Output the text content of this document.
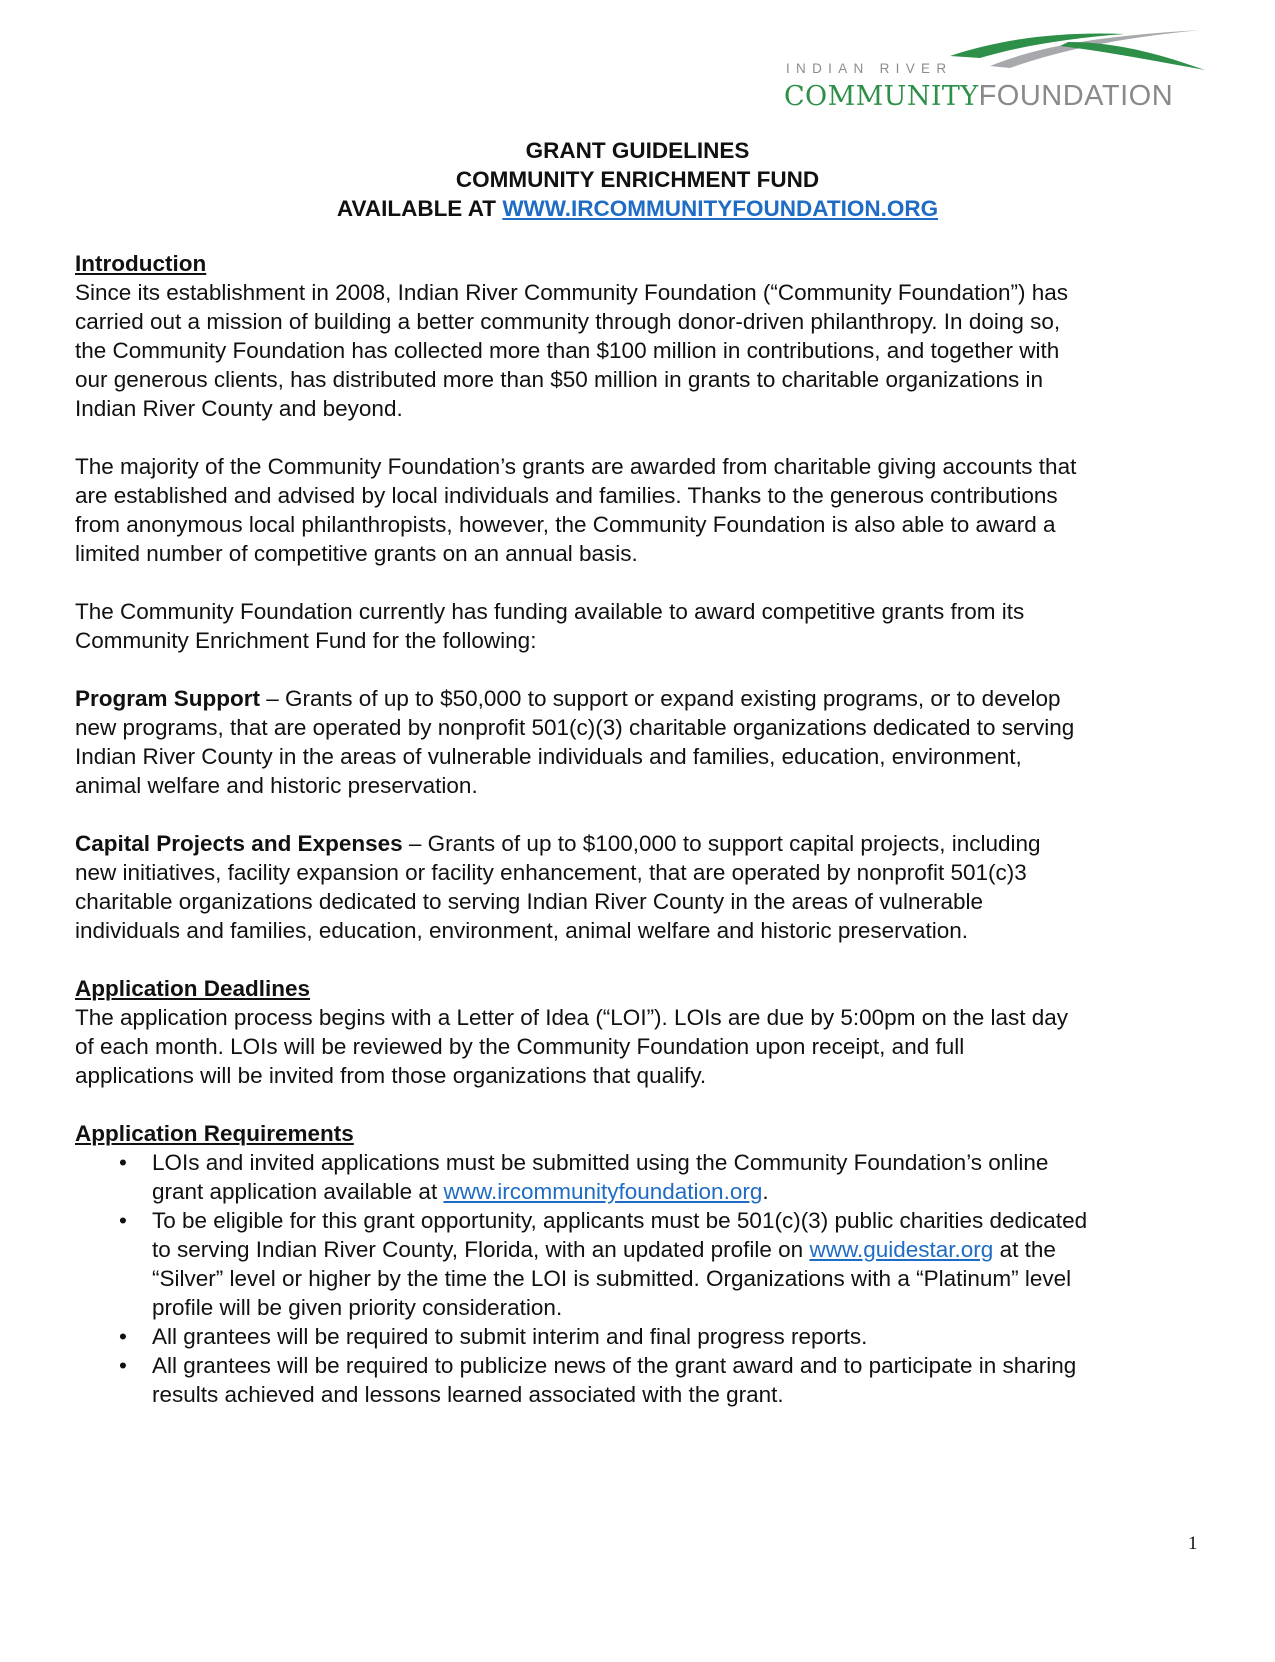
INDIAN RIVER
COMMUNITYFOUNDATION
GRANT GUIDELINES
COMMUNITY ENRICHMENT FUND
AVAILABLE AT WWW.IRCOMMUNITYFOUNDATION.ORG
Introduction

Since its establishment in 2008, Indian River Community Foundation (“Community Foundation”) has
carried out a mission of building a better community through donor-driven philanthropy. In doing so,
the Community Foundation has collected more than $100 million in contributions, and together with
our generous clients, has distributed more than $50 million in grants to charitable organizations in
Indian River County and beyond.

The majority of the Community Foundation’s grants are awarded from charitable giving accounts that
are established and advised by local individuals and families. Thanks to the generous contributions
from anonymous local philanthropists, however, the Community Foundation is also able to award a
limited number of competitive grants on an annual basis.

The Community Foundation currently has funding available to award competitive grants from its
Community Enrichment Fund for the following:

Program Support – Grants of up to $50,000 to support or expand existing programs, or to develop
new programs, that are operated by nonprofit 501(c)(3) charitable organizations dedicated to serving
Indian River County in the areas of vulnerable individuals and families, education, environment,
animal welfare and historic preservation.

Capital Projects and Expenses – Grants of up to $100,000 to support capital projects, including
new initiatives, facility expansion or facility enhancement, that are operated by nonprofit 501(c)3
charitable organizations dedicated to serving Indian River County in the areas of vulnerable
individuals and families, education, environment, animal welfare and historic preservation.

Application Deadlines

The application process begins with a Letter of Idea (“LOI”). LOIs are due by 5:00pm on the last day
of each month. LOIs will be reviewed by the Community Foundation upon receipt, and full
applications will be invited from those organizations that qualify.

Application Requirements
• LOIs and invited applications must be submitted using the Community Foundation’s online
grant application available at www.ircommunityfoundation.org.
• To be eligible for this grant opportunity, applicants must be 501(c)(3) public charities dedicated
to serving Indian River County, Florida, with an updated profile on www.guidestar.org at the
“Silver” level or higher by the time the LOI is submitted. Organizations with a “Platinum” level
profile will be given priority consideration.
• All grantees will be required to submit interim and final progress reports.
• All grantees will be required to publicize news of the grant award and to participate in sharing
results achieved and lessons learned associated with the grant.
1
